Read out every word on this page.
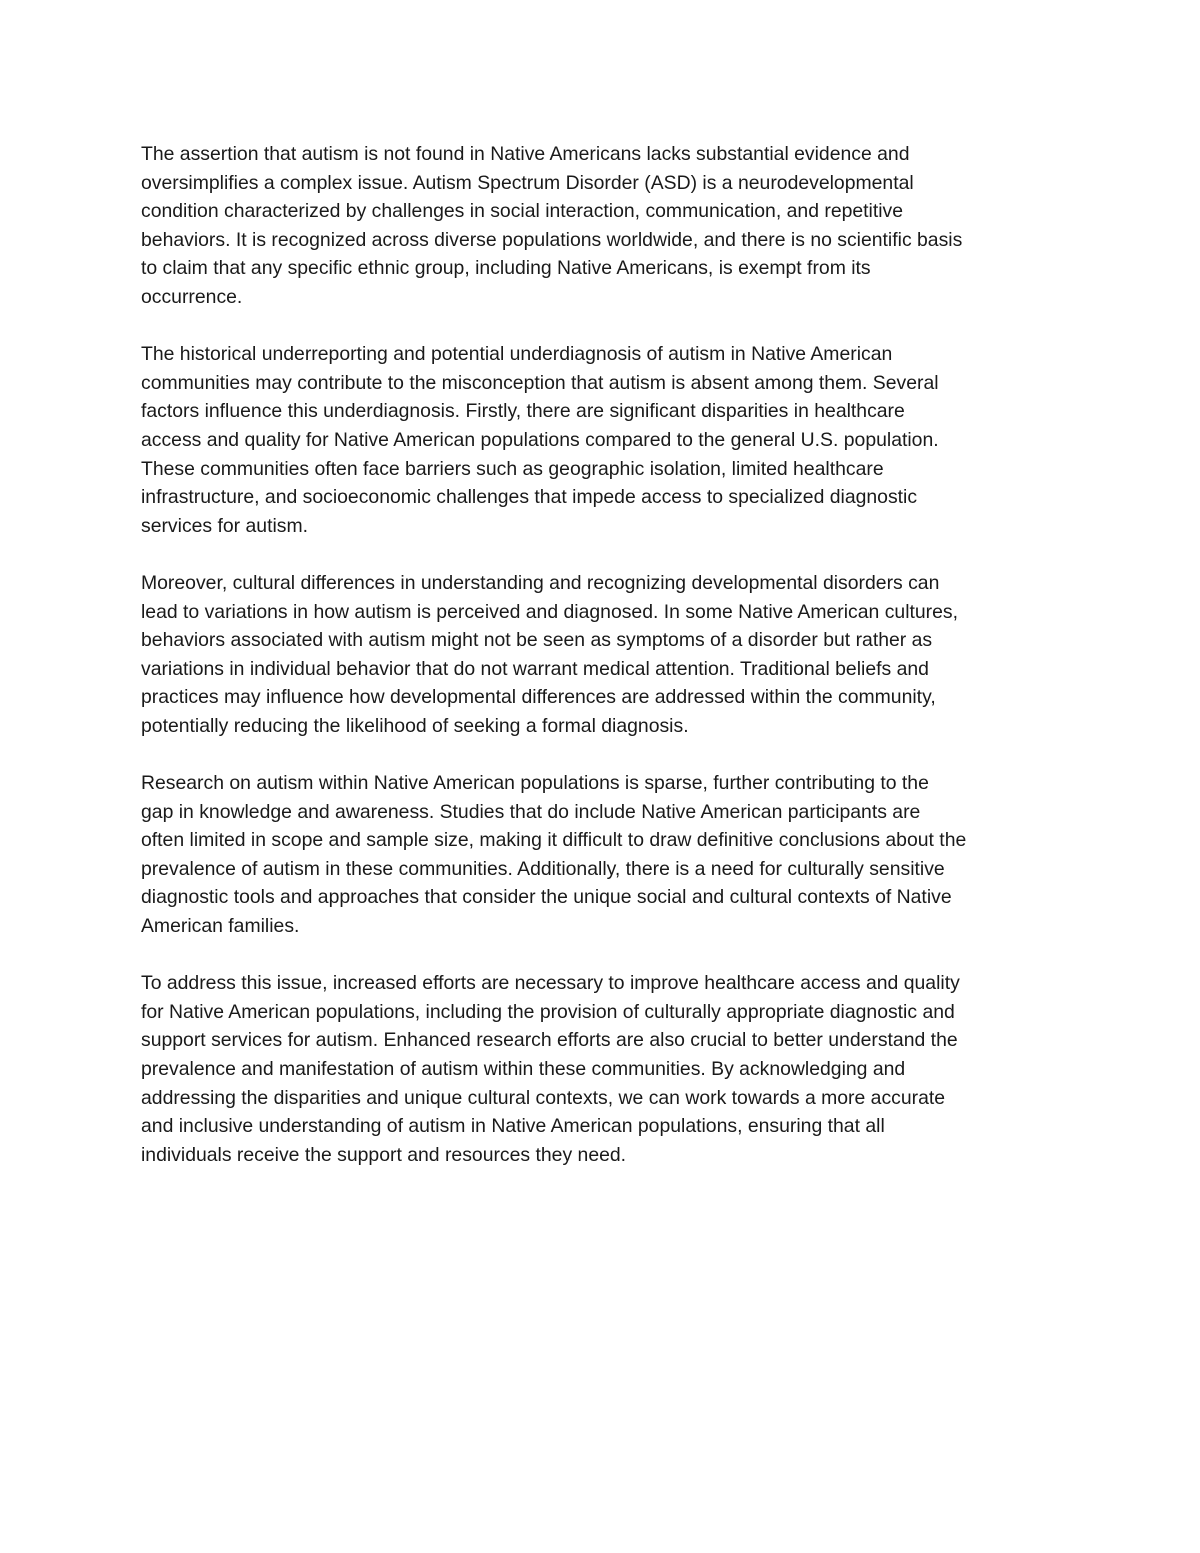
The assertion that autism is not found in Native Americans lacks substantial evidence and
oversimplifies a complex issue. Autism Spectrum Disorder (ASD) is a neurodevelopmental
condition characterized by challenges in social interaction, communication, and repetitive
behaviors. It is recognized across diverse populations worldwide, and there is no scientific basis
to claim that any specific ethnic group, including Native Americans, is exempt from its
occurrence.

The historical underreporting and potential underdiagnosis of autism in Native American
communities may contribute to the misconception that autism is absent among them. Several
factors influence this underdiagnosis. Firstly, there are significant disparities in healthcare
access and quality for Native American populations compared to the general U.S. population.
These communities often face barriers such as geographic isolation, limited healthcare
infrastructure, and socioeconomic challenges that impede access to specialized diagnostic
services for autism.

Moreover, cultural differences in understanding and recognizing developmental disorders can
lead to variations in how autism is perceived and diagnosed. In some Native American cultures,
behaviors associated with autism might not be seen as symptoms of a disorder but rather as
variations in individual behavior that do not warrant medical attention. Traditional beliefs and
practices may influence how developmental differences are addressed within the community,
potentially reducing the likelihood of seeking a formal diagnosis.

Research on autism within Native American populations is sparse, further contributing to the
gap in knowledge and awareness. Studies that do include Native American participants are
often limited in scope and sample size, making it difficult to draw definitive conclusions about the
prevalence of autism in these communities. Additionally, there is a need for culturally sensitive
diagnostic tools and approaches that consider the unique social and cultural contexts of Native
American families.

To address this issue, increased efforts are necessary to improve healthcare access and quality
for Native American populations, including the provision of culturally appropriate diagnostic and
support services for autism. Enhanced research efforts are also crucial to better understand the
prevalence and manifestation of autism within these communities. By acknowledging and
addressing the disparities and unique cultural contexts, we can work towards a more accurate
and inclusive understanding of autism in Native American populations, ensuring that all
individuals receive the support and resources they need.
